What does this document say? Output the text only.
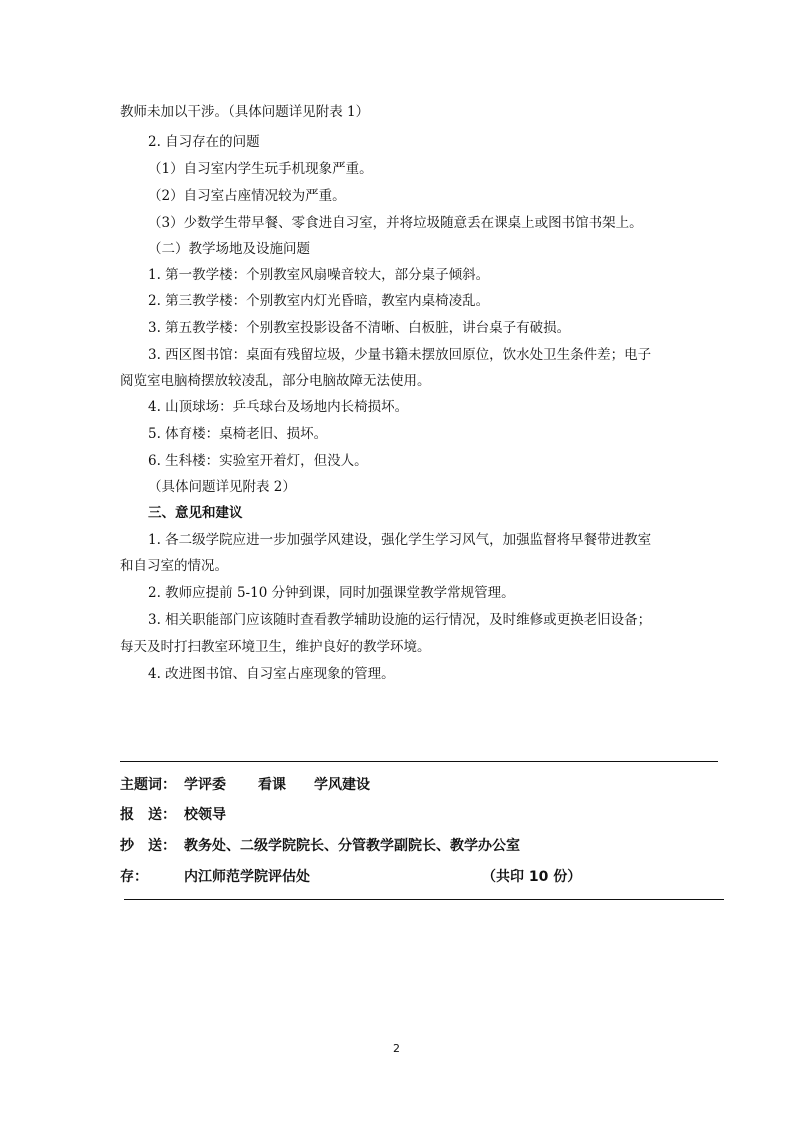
教师未加以干涉。（具体问题详见附表 1）
2. 自习存在的问题
（1）自习室内学生玩手机现象严重。
（2）自习室占座情况较为严重。
（3）少数学生带早餐、零食进自习室，并将垃圾随意丢在课桌上或图书馆书架上。
（二）教学场地及设施问题
1. 第一教学楼：个别教室风扇噪音较大，部分桌子倾斜。
2. 第三教学楼：个别教室内灯光昏暗，教室内桌椅凌乱。
3. 第五教学楼：个别教室投影设备不清晰、白板脏，讲台桌子有破损。
3. 西区图书馆：桌面有残留垃圾，少量书籍未摆放回原位，饮水处卫生条件差；电子
阅览室电脑椅摆放较凌乱，部分电脑故障无法使用。
4. 山顶球场：乒乓球台及场地内长椅损坏。
5. 体育楼：桌椅老旧、损坏。
6. 生科楼：实验室开着灯，但没人。
（具体问题详见附表 2）
三、意见和建议
1. 各二级学院应进一步加强学风建设，强化学生学习风气，加强监督将早餐带进教室
和自习室的情况。
2. 教师应提前 5-10 分钟到课，同时加强课堂教学常规管理。
3. 相关职能部门应该随时查看教学辅助设施的运行情况，及时维修或更换老旧设备；
每天及时打扫教室环境卫生，维护良好的教学环境。
4. 改进图书馆、自习室占座现象的管理。
主题词： 学评委 看课 学风建设
报　送： 校领导
抄　送： 教务处、二级学院院长、分管教学副院长、教学办公室
存：	内江师范学院评估处	（共印 10 份）
2
